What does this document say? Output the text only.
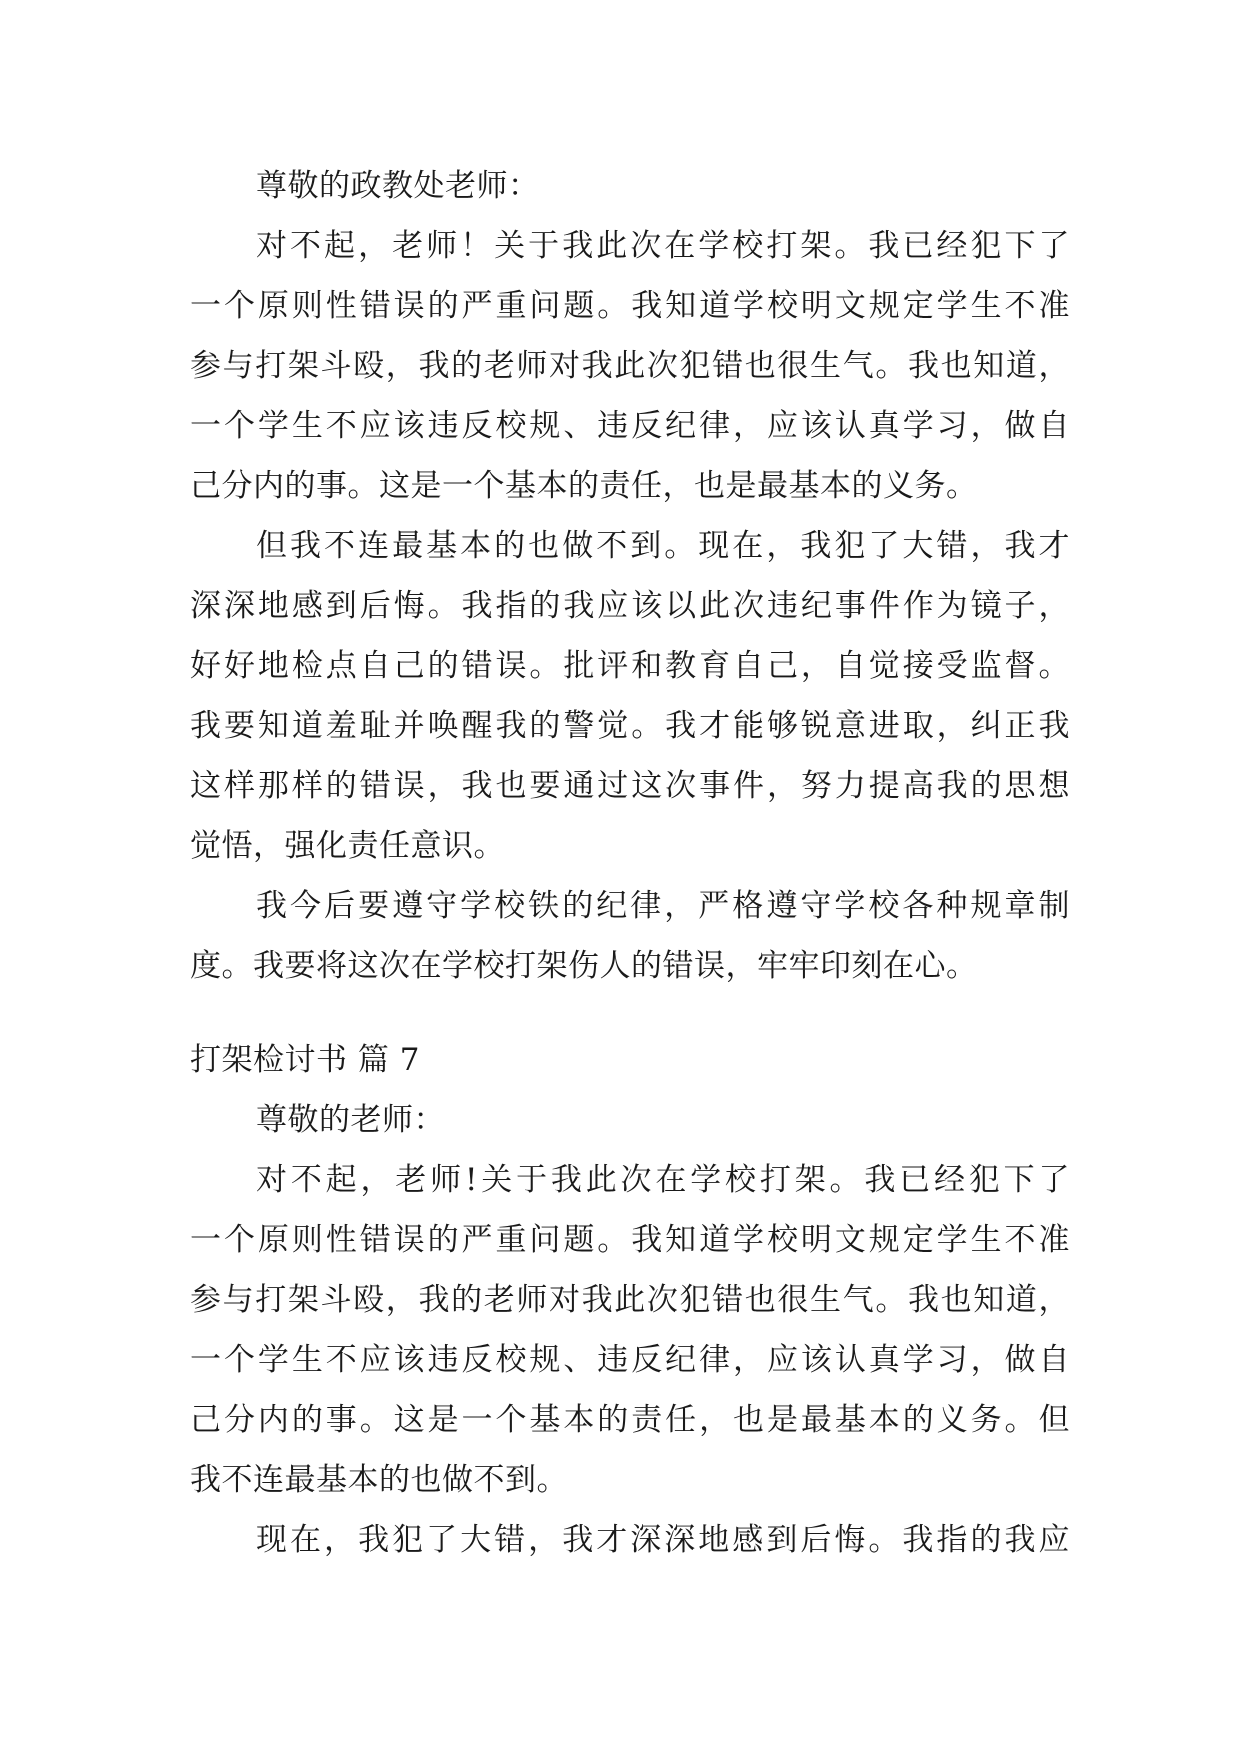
尊敬的政教处老师：
对不起，老师！关于我此次在学校打架。我已经犯下了
一个原则性错误的严重问题。我知道学校明文规定学生不准
参与打架斗殴，我的老师对我此次犯错也很生气。我也知道，
一个学生不应该违反校规、违反纪律，应该认真学习，做自
己分内的事。这是一个基本的责任，也是最基本的义务。
但我不连最基本的也做不到。现在，我犯了大错，我才
深深地感到后悔。我指的我应该以此次违纪事件作为镜子，
好好地检点自己的错误。批评和教育自己，自觉接受监督。
我要知道羞耻并唤醒我的警觉。我才能够锐意进取，纠正我
这样那样的错误，我也要通过这次事件，努力提高我的思想
觉悟，强化责任意识。
我今后要遵守学校铁的纪律，严格遵守学校各种规章制
度。我要将这次在学校打架伤人的错误，牢牢印刻在心。
打架检讨书 篇 7
尊敬的老师：
对不起，老师!关于我此次在学校打架。我已经犯下了
一个原则性错误的严重问题。我知道学校明文规定学生不准
参与打架斗殴，我的老师对我此次犯错也很生气。我也知道，
一个学生不应该违反校规、违反纪律，应该认真学习，做自
己分内的事。这是一个基本的责任，也是最基本的义务。但
我不连最基本的也做不到。
现在，我犯了大错，我才深深地感到后悔。我指的我应
